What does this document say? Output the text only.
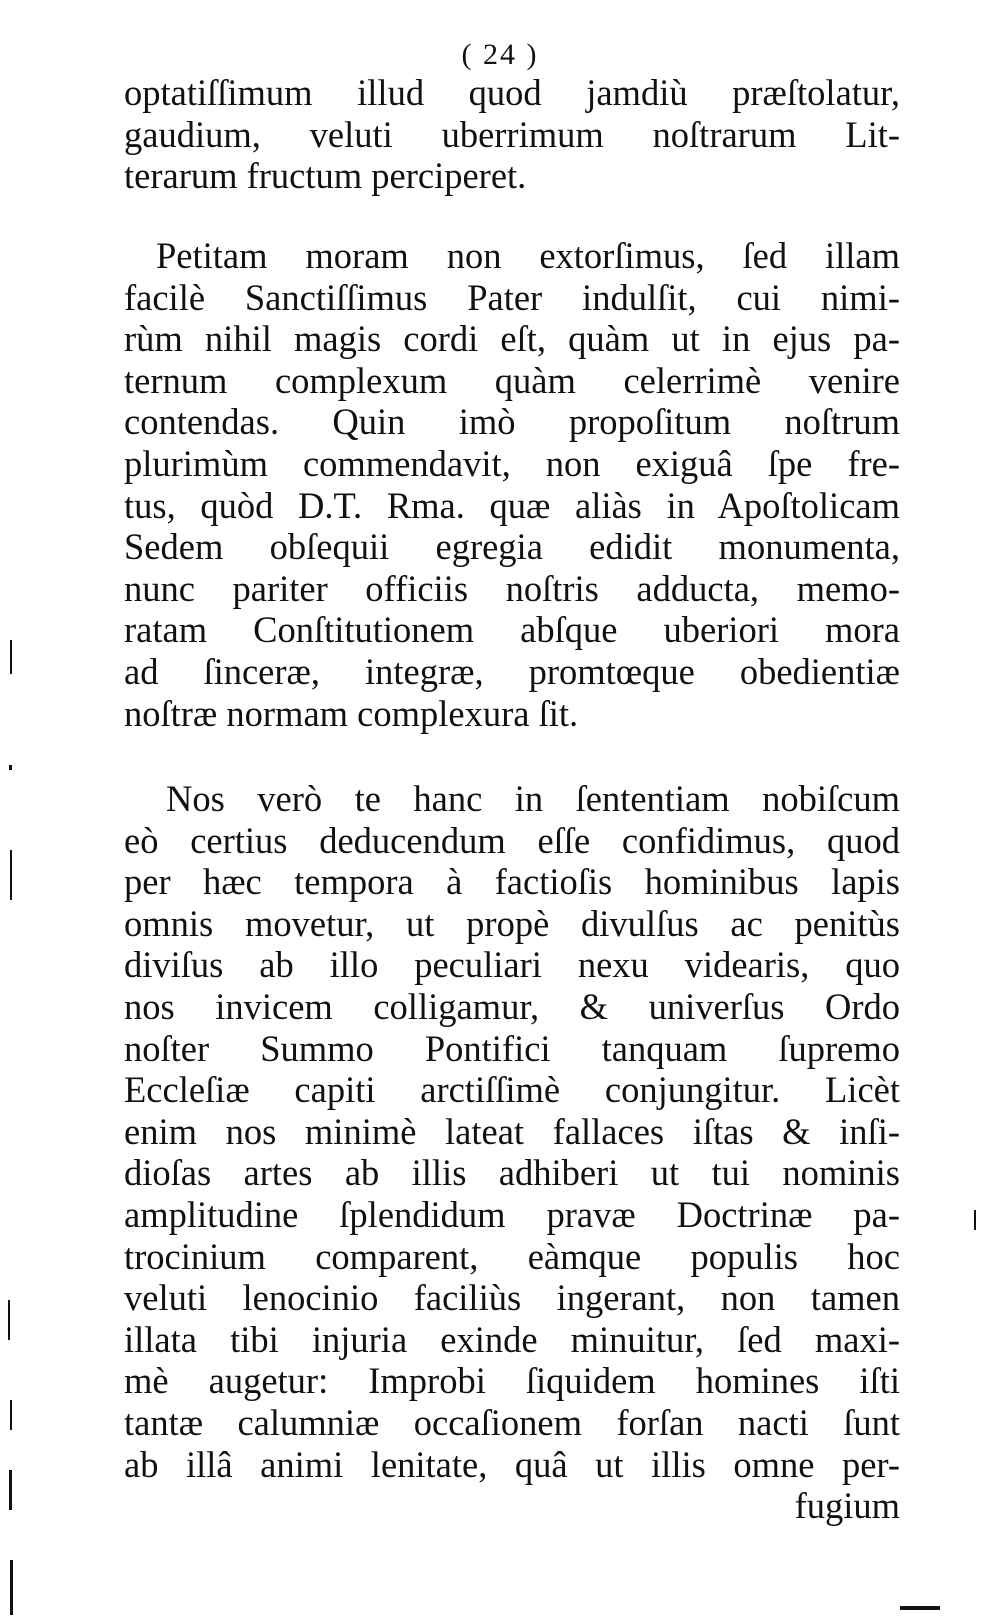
( 24 )
optatiſſimum illud quod jamdiù præſtolatur,
gaudium, veluti uberrimum noſtrarum Lit-
terarum fructum perciperet.
Petitam moram non extorſimus, ſed illam
facilè Sanctiſſimus Pater indulſit, cui nimi-
rùm nihil magis cordi eſt, quàm ut in ejus pa-
ternum complexum quàm celerrimè venire
contendas. Quin imò propoſitum noſtrum
plurimùm commendavit, non exiguâ ſpe fre-
tus, quòd D.T. Rma. quæ aliàs in Apoſtolicam
Sedem obſequii egregia edidit monumenta,
nunc pariter officiis noſtris adducta, memo-
ratam Conſtitutionem abſque uberiori mora
ad ſinceræ, integræ, promtœque obedientiæ
noſtræ normam complexura ſit.
Nos verò te hanc in ſententiam nobiſcum
eò certius deducendum eſſe confidimus, quod
per hæc tempora à factioſis hominibus lapis
omnis movetur, ut propè divulſus ac penitùs
diviſus ab illo peculiari nexu videaris, quo
nos invicem colligamur, & univerſus Ordo
noſter Summo Pontifici tanquam ſupremo
Eccleſiæ capiti arctiſſimè conjungitur. Licèt
enim nos minimè lateat fallaces iſtas & inſi-
dioſas artes ab illis adhiberi ut tui nominis
amplitudine ſplendidum pravæ Doctrinæ pa-
trocinium comparent, eàmque populis hoc
veluti lenocinio faciliùs ingerant, non tamen
illata tibi injuria exinde minuitur, ſed maxi-
mè augetur: Improbi ſiquidem homines iſti
tantæ calumniæ occaſionem forſan nacti ſunt
ab illâ animi lenitate, quâ ut illis omne per-
fugium
